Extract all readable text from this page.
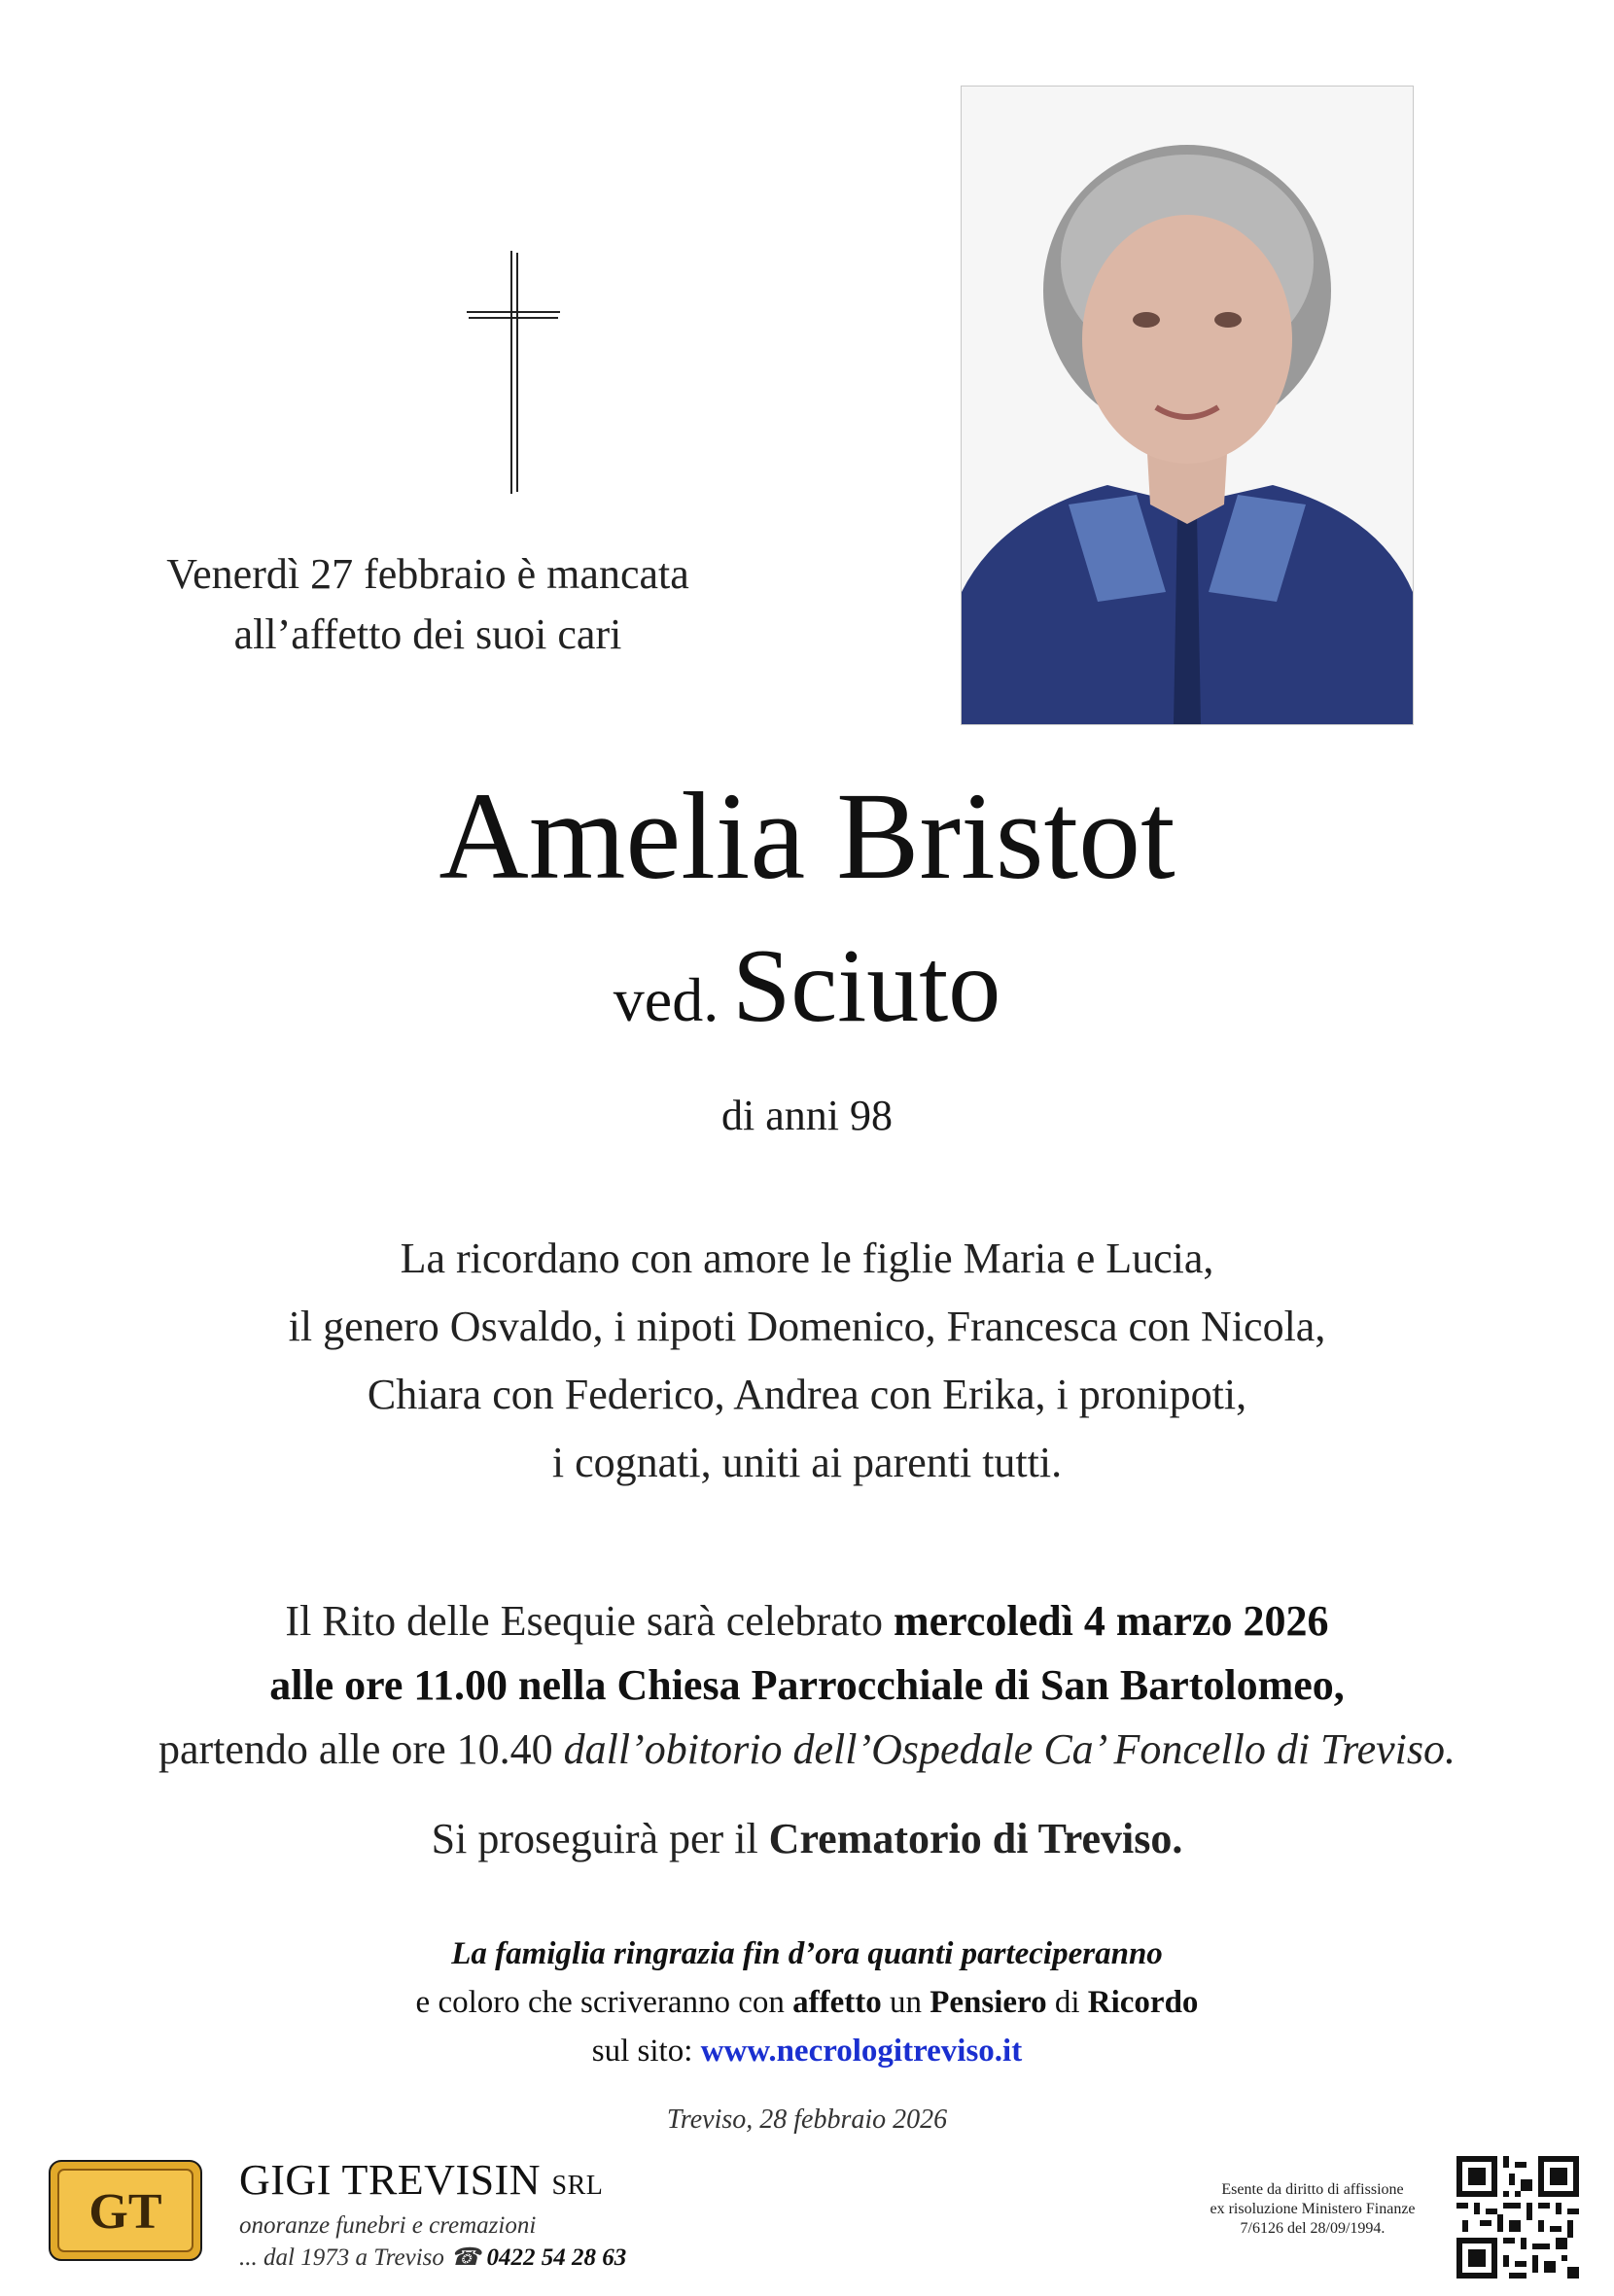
Venerdì 27 febbraio è mancata
all’affetto dei suoi cari
Amelia Bristot
ved. Sciuto
di anni 98
La ricordano con amore le figlie Maria e Lucia,
il genero Osvaldo, i nipoti Domenico, Francesca con Nicola,
Chiara con Federico, Andrea con Erika, i pronipoti,
i cognati, uniti ai parenti tutti.
Il Rito delle Esequie sarà celebrato mercoledì 4 marzo 2026
alle ore 11.00 nella Chiesa Parrocchiale di San Bartolomeo,
partendo alle ore 10.40 dall’obitorio dell’Ospedale Ca’ Foncello di Treviso.
Si proseguirà per il Crematorio di Treviso.
La famiglia ringrazia fin d’ora quanti parteciperanno
e coloro che scriveranno con affetto un Pensiero di Ricordo
sul sito: www.necrologitreviso.it
Treviso, 28 febbraio 2026
GT
GIGI TREVISIN SRL
onoranze funebri e cremazioni
... dal 1973 a Treviso ☎ 0422 54 28 63
Esente da diritto di affissione
ex risoluzione Ministero Finanze
7/6126 del 28/09/1994.
